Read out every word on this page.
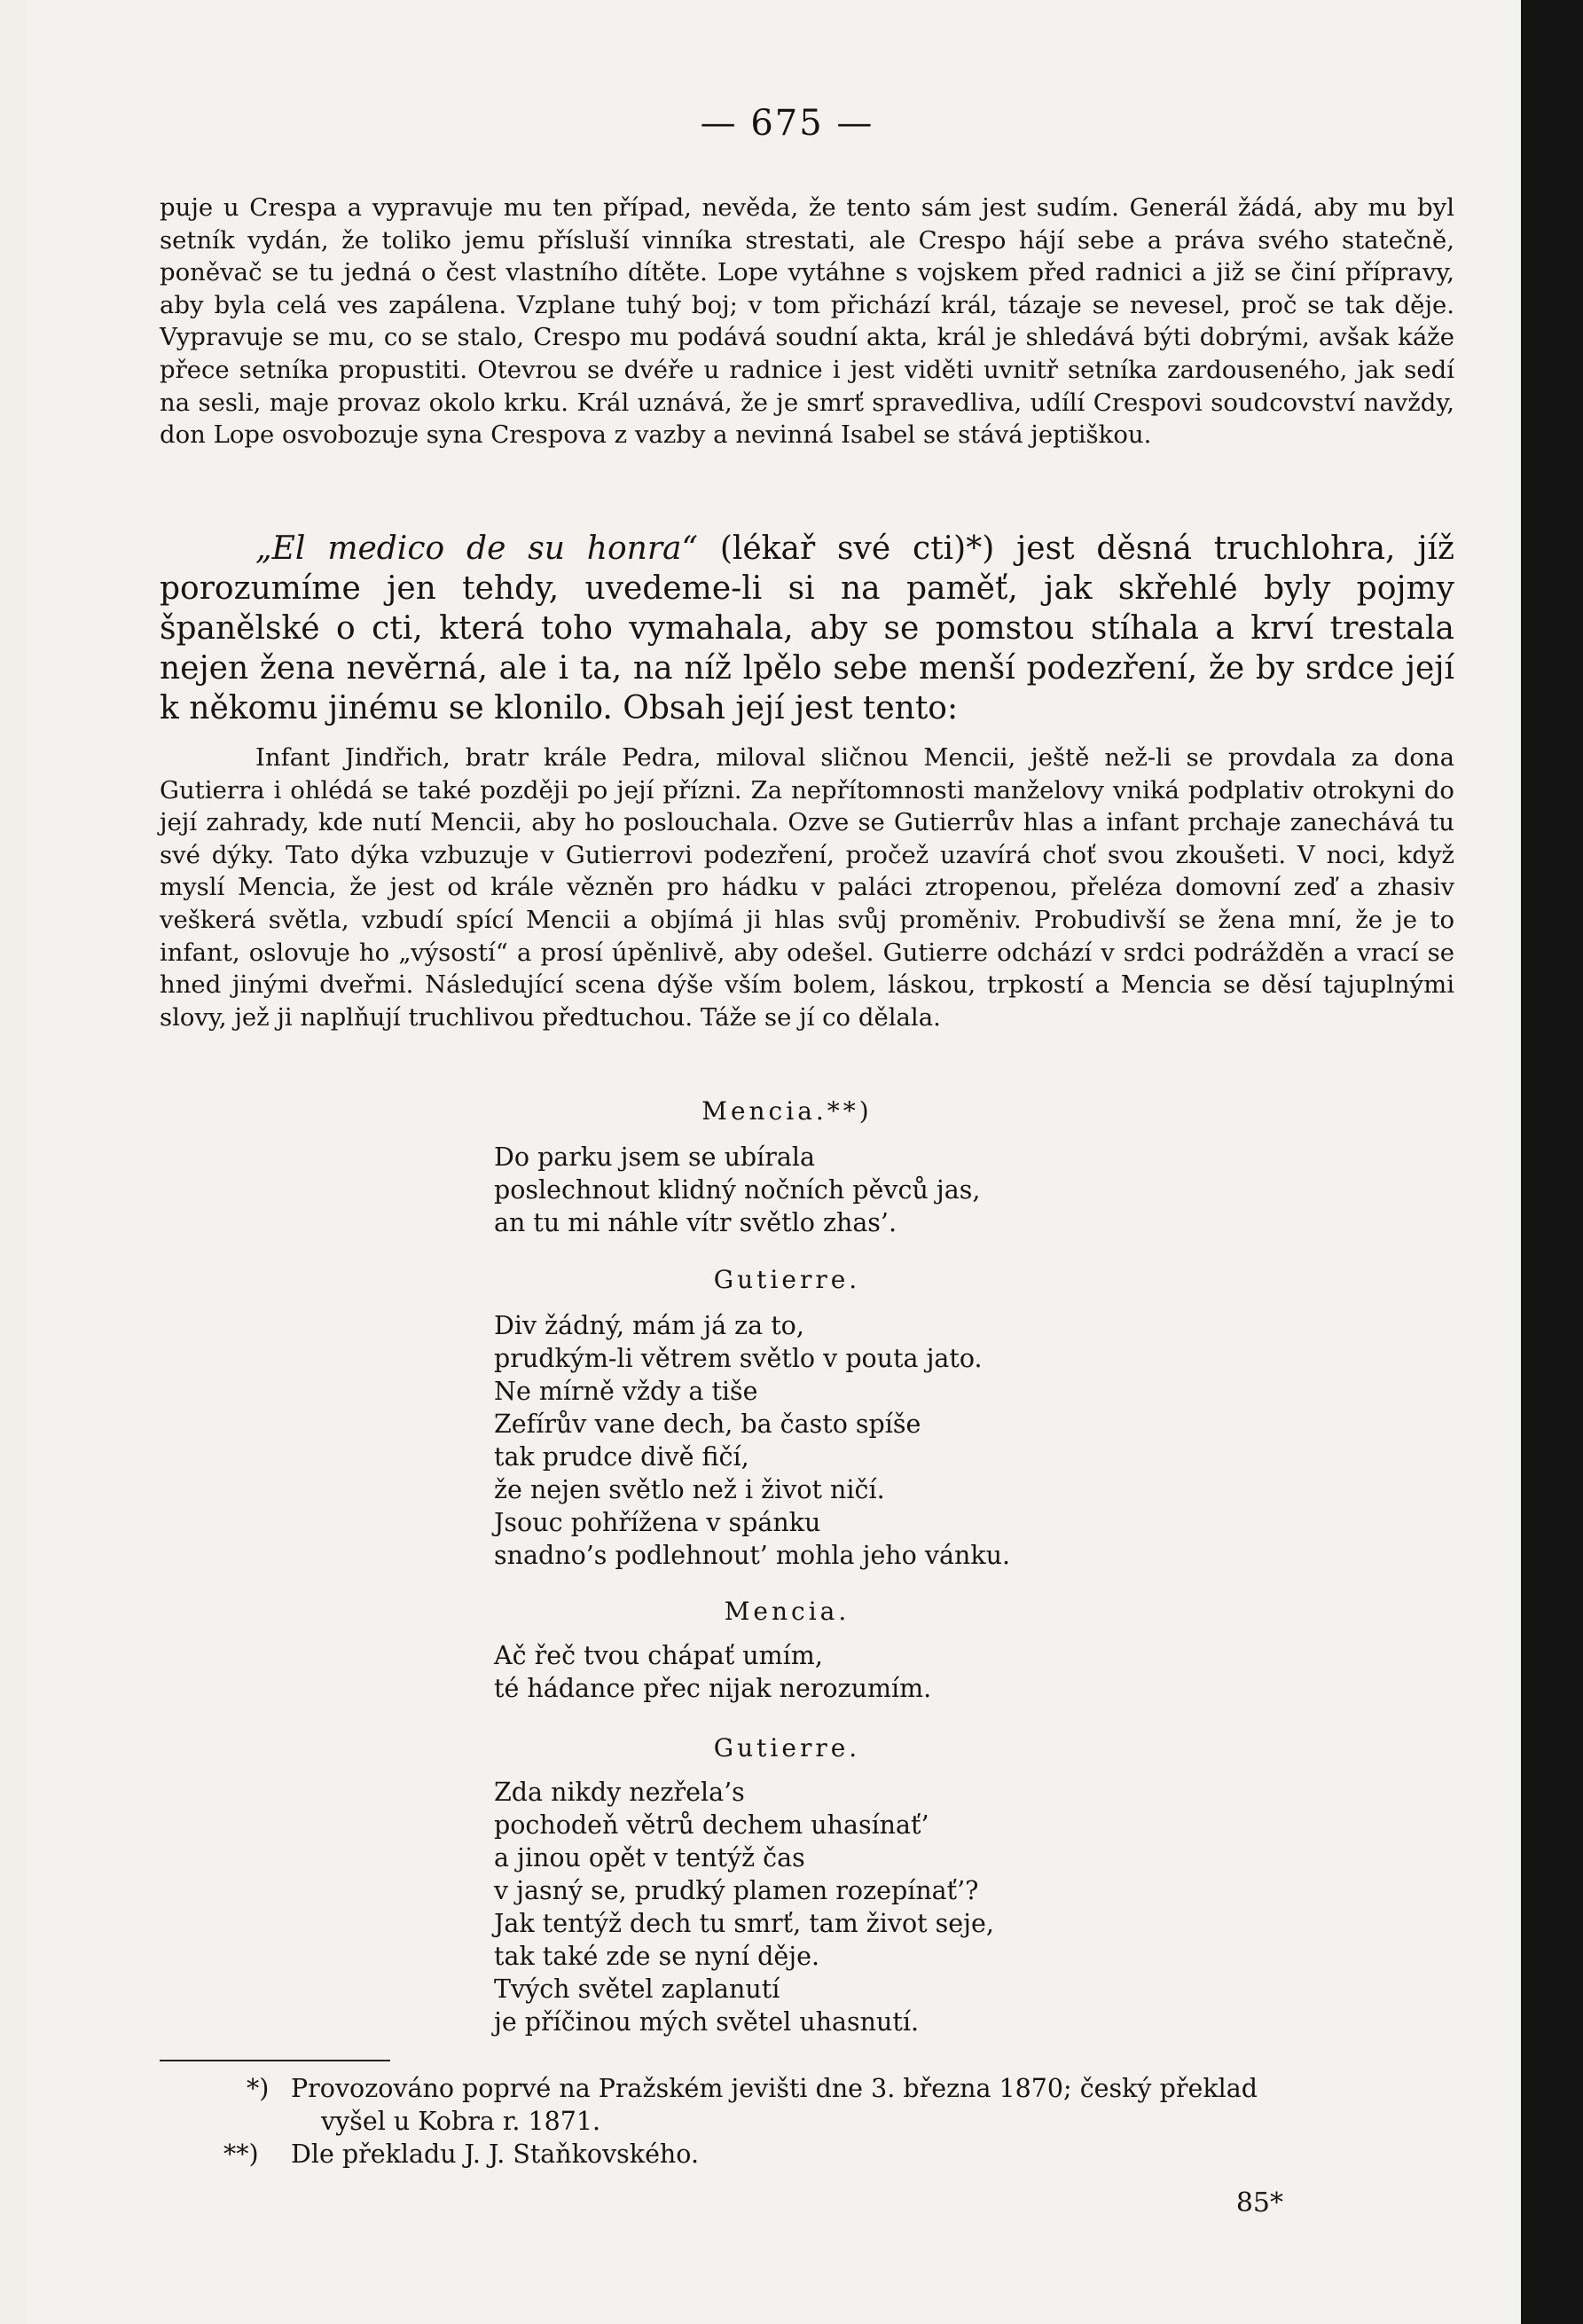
— 675 —

puje u Crespa a vypravuje mu ten případ, nevěda, že tento sám jest sudím. Generál žádá, aby mu byl setník vydán, že toliko jemu přísluší vinníka strestati, ale Crespo hájí sebe a práva svého statečně, poněvač se tu jedná o čest vlastního dítěte. Lope vytáhne s vojskem před radnici a již se činí přípravy, aby byla celá ves zapálena. Vzplane tuhý boj; v tom přichází král, tázaje se nevesel, proč se tak děje. Vypravuje se mu, co se stalo, Crespo mu podává soudní akta, král je shledává býti dobrými, avšak káže přece setníka propustiti. Otevrou se dvéře u radnice i jest viděti uvnitř setníka zardouseného, jak sedí na sesli, maje provaz okolo krku. Král uznává, že je smrť spravedliva, udílí Crespovi soudcovství navždy, don Lope osvobozuje syna Crespova z vazby a nevinná Isabel se stává jeptiškou.

„El medico de su honra“ (lékař své cti)*) jest děsná truchlohra, jíž porozumíme jen tehdy, uvedeme-li si na paměť, jak skřehlé byly pojmy španělské o cti, která toho vymahala, aby se pomstou stíhala a krví trestala nejen žena nevěrná, ale i ta, na níž lpělo sebe menší podezření, že by srdce její k někomu jinému se klonilo. Obsah její jest tento:

Infant Jindřich, bratr krále Pedra, miloval sličnou Mencii, ještě než-li se provdala za dona Gutierra i ohlédá se také později po její přízni. Za nepřítomnosti manželovy vniká podplativ otrokyni do její zahrady, kde nutí Mencii, aby ho poslouchala. Ozve se Gutierrův hlas a infant prchaje zanechává tu své dýky. Tato dýka vzbuzuje v Gutierrovi podezření, pročež uzavírá choť svou zkoušeti. V noci, když myslí Mencia, že jest od krále vězněn pro hádku v paláci ztropenou, přeléza domovní zeď a zhasiv veškerá světla, vzbudí spící Mencii a objímá ji hlas svůj proměniv. Probudivší se žena mní, že je to infant, oslovuje ho „výsostí“ a prosí úpěnlivě, aby odešel. Gutierre odchází v srdci podrážděn a vrací se hned jinými dveřmi. Následující scena dýše vším bolem, láskou, trpkostí a Mencia se děsí tajuplnými slovy, jež ji naplňují truchlivou předtuchou. Táže se jí co dělala.

Mencia.**)
Do parku jsem se ubírala
poslechnout klidný nočních pěvců jas,
an tu mi náhle vítr světlo zhas’.
Gutierre.
Div žádný, mám já za to,
prudkým-li větrem světlo v pouta jato.
Ne mírně vždy a tiše
Zefírův vane dech, ba často spíše
tak prudce divě fičí,
že nejen světlo než i život ničí.
Jsouc pohřížena v spánku
snadno’s podlehnout’ mohla jeho vánku.
Mencia.
Ač řeč tvou chápať umím,
té hádance přec nijak nerozumím.
Gutierre.
Zda nikdy nezřela’s
pochodeň větrů dechem uhasínať’
a jinou opět v tentýž čas
v jasný se, prudký plamen rozepínať’?
Jak tentýž dech tu smrť, tam život seje,
tak také zde se nyní děje.
Tvých světel zaplanutí
je příčinou mých světel uhasnutí.
*) Provozováno poprvé na Pražském jevišti dne 3. března 1870; český překlad
vyšel u Kobra r. 1871.
**) Dle překladu J. J. Staňkovského.
85*
